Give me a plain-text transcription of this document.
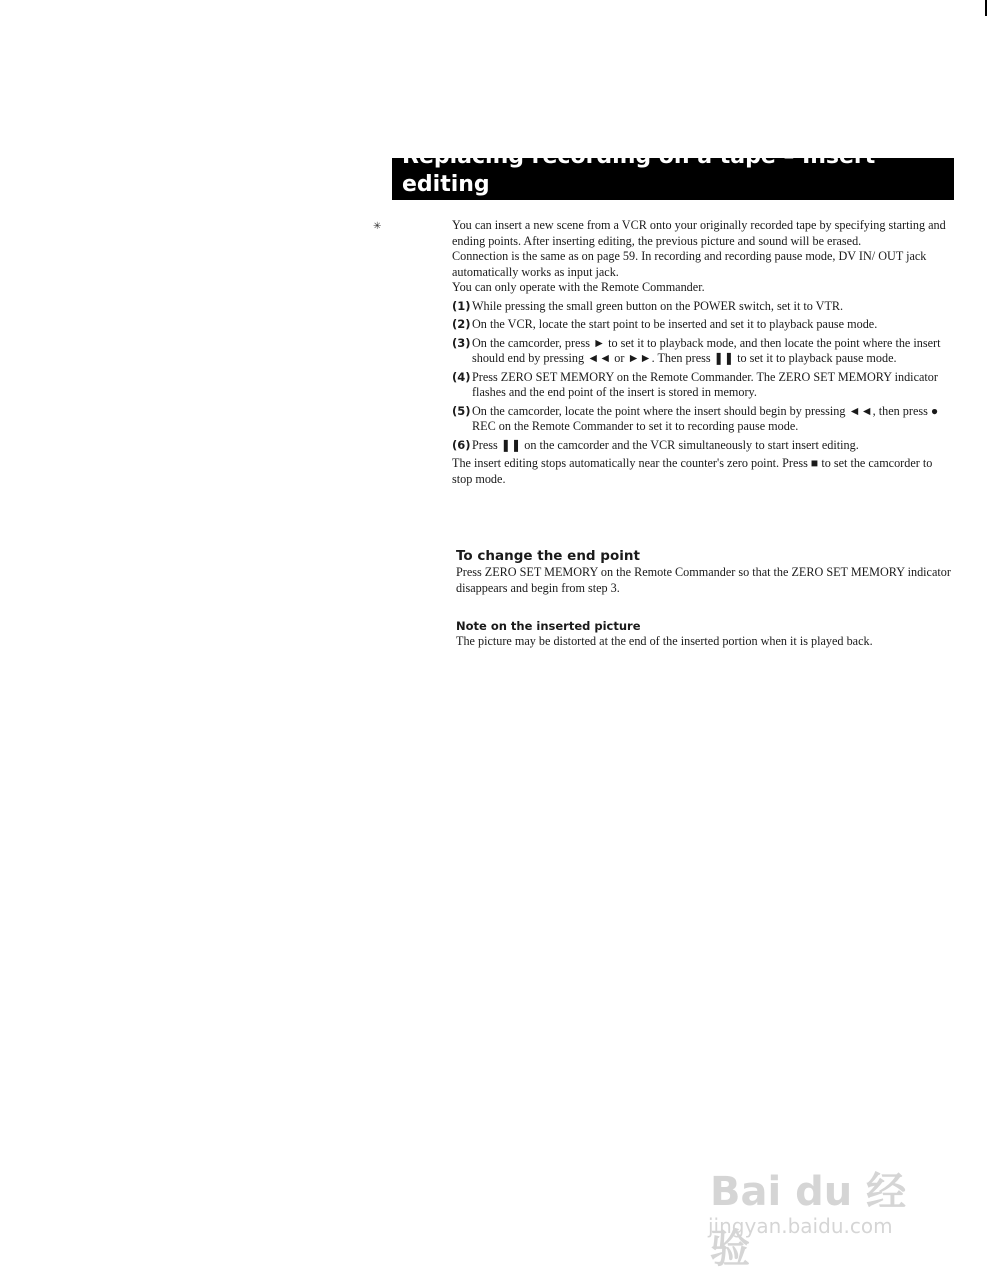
✳
Replacing recording on a tape – Insert
editing

You can insert a new scene from a VCR onto your originally recorded tape by specifying starting and ending points. After inserting editing, the previous picture and sound will be erased.

Connection is the same as on page 59. In recording and recording pause mode, DV IN/ OUT jack automatically works as input jack.

You can only operate with the Remote Commander.

(1) While pressing the small green button on the POWER switch, set it to VTR.
(2) On the VCR, locate the start point to be inserted and set it to playback pause mode.
(3) On the camcorder, press ► to set it to playback mode, and then locate the point where the insert should end by pressing ◄◄ or ►►. Then press ❚❚ to set it to playback pause mode.
(4) Press ZERO SET MEMORY on the Remote Commander. The ZERO SET MEMORY indicator flashes and the end point of the insert is stored in memory.
(5) On the camcorder, locate the point where the insert should begin by pressing ◄◄, then press ● REC on the Remote Commander to set it to recording pause mode.
(6) Press ❚❚ on the camcorder and the VCR simultaneously to start insert editing.

The insert editing stops automatically near the counter's zero point. Press ■ to set the camcorder to stop mode.

To change the end point

Press ZERO SET MEMORY on the Remote Commander so that the ZERO SET MEMORY indicator disappears and begin from step 3.

Note on the inserted picture

The picture may be distorted at the end of the inserted portion when it is played back.

Bai du 经验
jingyan.baidu.com
